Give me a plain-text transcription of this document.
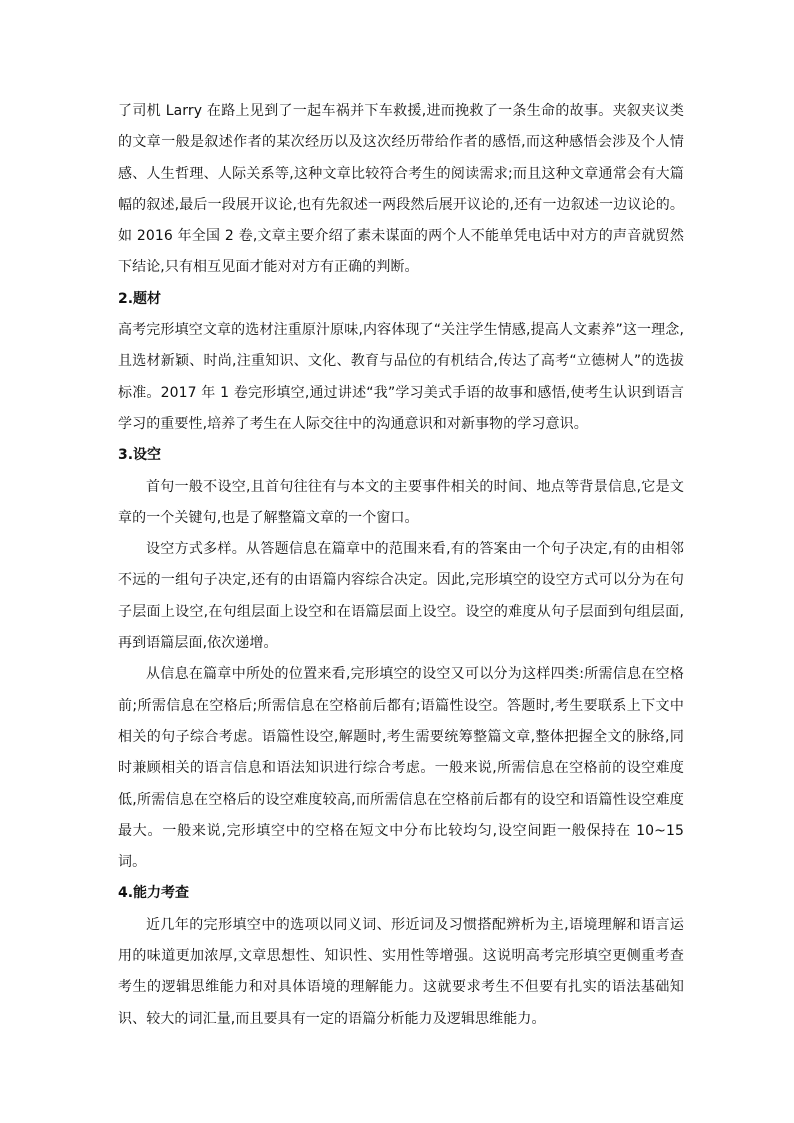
了司机 Larry 在路上见到了一起车祸并下车救援,进而挽救了一条生命的故事。夹叙夹议类的文章一般是叙述作者的某次经历以及这次经历带给作者的感悟,而这种感悟会涉及个人情感、人生哲理、人际关系等,这种文章比较符合考生的阅读需求;而且这种文章通常会有大篇幅的叙述,最后一段展开议论,也有先叙述一两段然后展开议论的,还有一边叙述一边议论的。如 2016 年全国 2 卷,文章主要介绍了素未谋面的两个人不能单凭电话中对方的声音就贸然下结论,只有相互见面才能对对方有正确的判断。

2.题材

高考完形填空文章的选材注重原汁原味,内容体现了“关注学生情感,提高人文素养”这一理念,且选材新颖、时尚,注重知识、文化、教育与品位的有机结合,传达了高考“立德树人”的选拔标准。2017 年 1 卷完形填空,通过讲述“我”学习美式手语的故事和感悟,使考生认识到语言学习的重要性,培养了考生在人际交往中的沟通意识和对新事物的学习意识。

3.设空

首句一般不设空,且首句往往有与本文的主要事件相关的时间、地点等背景信息,它是文章的一个关键句,也是了解整篇文章的一个窗口。

设空方式多样。从答题信息在篇章中的范围来看,有的答案由一个句子决定,有的由相邻不远的一组句子决定,还有的由语篇内容综合决定。因此,完形填空的设空方式可以分为在句子层面上设空,在句组层面上设空和在语篇层面上设空。设空的难度从句子层面到句组层面,再到语篇层面,依次递增。

从信息在篇章中所处的位置来看,完形填空的设空又可以分为这样四类:所需信息在空格前;所需信息在空格后;所需信息在空格前后都有;语篇性设空。答题时,考生要联系上下文中相关的句子综合考虑。语篇性设空,解题时,考生需要统筹整篇文章,整体把握全文的脉络,同时兼顾相关的语言信息和语法知识进行综合考虑。一般来说,所需信息在空格前的设空难度低,所需信息在空格后的设空难度较高,而所需信息在空格前后都有的设空和语篇性设空难度最大。一般来说,完形填空中的空格在短文中分布比较均匀,设空间距一般保持在 10~15 词。

4.能力考查

近几年的完形填空中的选项以同义词、形近词及习惯搭配辨析为主,语境理解和语言运用的味道更加浓厚,文章思想性、知识性、实用性等增强。这说明高考完形填空更侧重考查考生的逻辑思维能力和对具体语境的理解能力。这就要求考生不但要有扎实的语法基础知识、较大的词汇量,而且要具有一定的语篇分析能力及逻辑思维能力。
